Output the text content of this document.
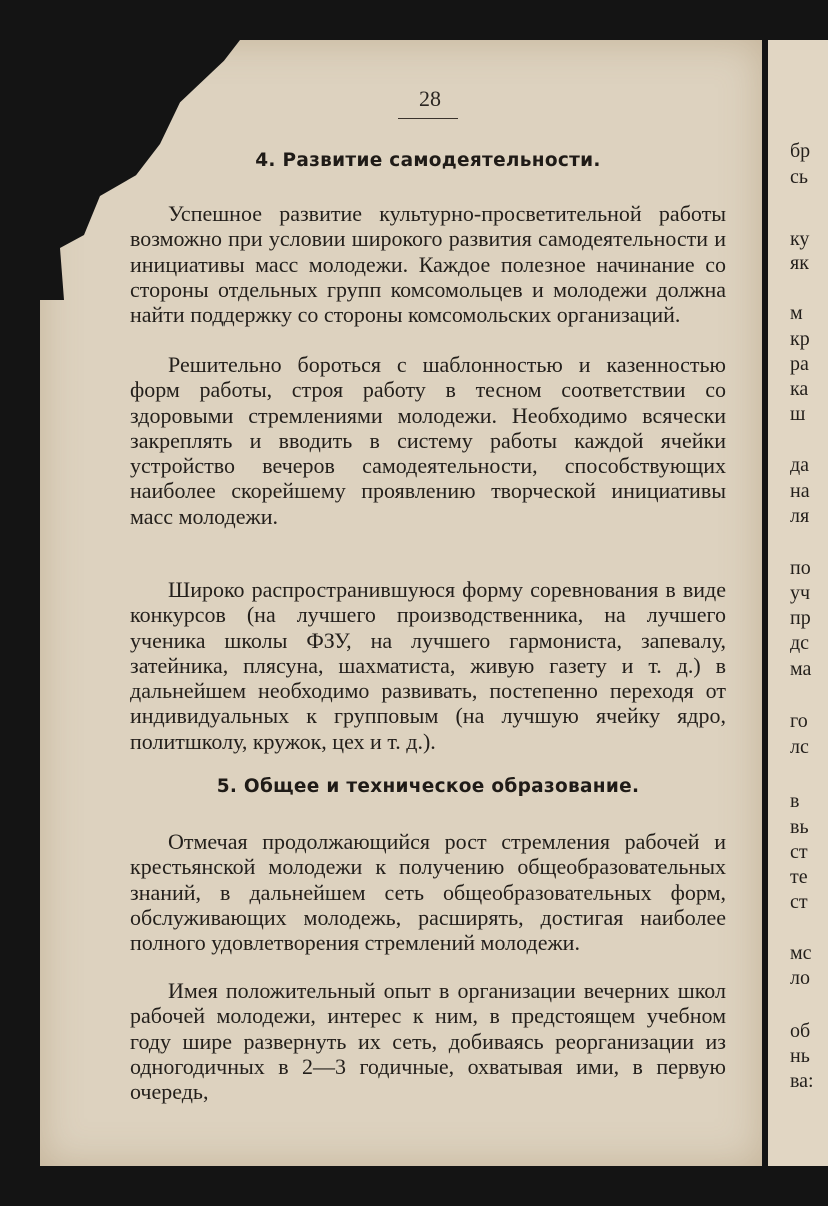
бр
сь
ку
як
м
кр
ра
ка
ш
да
на
ля
по
уч
пр
дс
ма
го
лс
в
вь
ст
те
ст
мс
ло
об
нь
ва:
28
4. Развитие самодеятельности.

Успешное развитие культурно-просветительной работы возможно при условии широкого развития самодеятельности и инициативы масс молодежи. Каждое полезное начинание со стороны отдельных групп комсомольцев и молодежи должна найти поддержку со стороны комсомольских организаций.

Решительно бороться с шаблонностью и казенностью форм работы, строя работу в тесном соответствии со здоровыми стремлениями молодежи. Необходимо всячески закреплять и вводить в систему работы каждой ячейки устройство вечеров самодеятельности, способствующих наиболее скорейшему проявлению творческой инициативы масс молодежи.

Широко распространившуюся форму соревнования в виде конкурсов (на лучшего производственника, на лучшего ученика школы ФЗУ, на лучшего гармониста, запевалу, затейника, плясуна, шахматиста, живую газету и т. д.) в дальнейшем необходимо развивать, постепенно переходя от индивидуальных к групповым (на лучшую ячейку ядро, политшколу, кружок, цех и т. д.).

5. Общее и техническое образование.

Отмечая продолжающийся рост стремления рабочей и крестьянской молодежи к получению общеобразовательных знаний, в дальнейшем сеть общеобразовательных форм, обслуживающих молодежь, расширять, достигая наиболее полного удовлетворения стремлений молодежи.

Имея положительный опыт в организации вечерних школ рабочей молодежи, интерес к ним, в предстоящем учебном году шире развернуть их сеть, добиваясь реорганизации из одногодичных в 2—3 годичные, охватывая ими, в первую очередь,
